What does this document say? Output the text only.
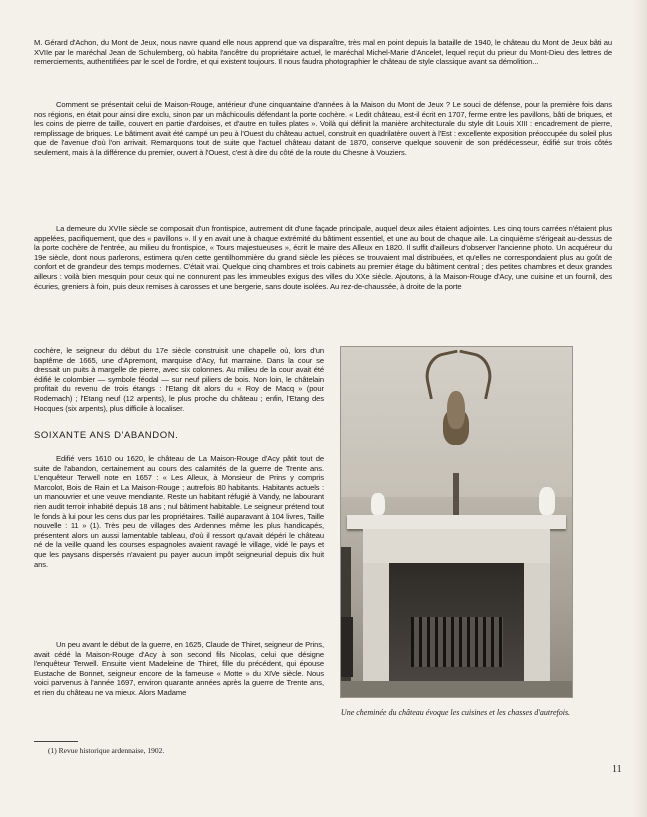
M. Gérard d'Achon, du Mont de Jeux, nous navre quand elle nous apprend que va disparaître, très mal en point depuis la bataille de 1940, le château du Mont de Jeux bâti au XVIIe par le maréchal Jean de Schulemberg, où habita l'ancêtre du propriétaire actuel, le maréchal Michel-Marie d'Ancelet, lequel reçut du prieur du Mont-Dieu des lettres de remerciements, authentifiées par le scel de l'ordre, et qui existent toujours. Il nous faudra photographier le château de style classique avant sa démolition...

Comment se présentait celui de Maison-Rouge, antérieur d'une cinquantaine d'années à la Maison du Mont de Jeux ? Le souci de défense, pour la première fois dans nos régions, en était pour ainsi dire exclu, sinon par un mâchicoulis défendant la porte cochère. « Ledit château, est-il écrit en 1707, ferme entre les pavillons, bâti de briques, et les coins de pierre de taille, couvert en partie d'ardoises, et d'autre en tuiles plates ». Voilà qui définit la manière architecturale du style dit Louis XIII : encadrement de pierre, remplissage de briques. Le bâtiment avait été campé un peu à l'Ouest du château actuel, construit en quadrilatère ouvert à l'Est : excellente exposition préoccupée du soleil plus que de l'avenue d'où l'on arrivait. Remarquons tout de suite que l'actuel château datant de 1870, conserve quelque souvenir de son prédécesseur, édifié sur trois côtés seulement, mais à la différence du premier, ouvert à l'Ouest, c'est à dire du côté de la route du Chesne à Vouziers.

La demeure du XVIIe siècle se composait d'un frontispice, autrement dit d'une façade principale, auquel deux ailes étaient adjointes. Les cinq tours carrées n'étaient plus appelées, pacifiquement, que des « pavillons ». Il y en avait une à chaque extrémité du bâtiment essentiel, et une au bout de chaque aile. La cinquième s'érigeait au-dessus de la porte cochère de l'entrée, au milieu du frontispice, « Tours majestueuses », écrit le maire des Alleux en 1820. Il suffit d'ailleurs d'observer l'ancienne photo. Un acquéreur du 19e siècle, dont nous parlerons, estimera qu'en cette gentilhommière du grand siècle les pièces se trouvaient mal distribuées, et qu'elles ne correspondaient plus au goût de confort et de grandeur des temps modernes. C'était vrai. Quelque cinq chambres et trois cabinets au premier étage du bâtiment central ; des petites chambres et deux grandes ailleurs : voilà bien mesquin pour ceux qui ne connurent pas les immeubles exigus des villes du XXe siècle. Ajoutons, à la Maison-Rouge d'Acy, une cuisine et un fournil, des écuries, greniers à foin, puis deux remises à carosses et une bergerie, sans doute isolées. Au rez-de-chaussée, à droite de la porte

cochère, le seigneur du début du 17e siècle construisit une chapelle où, lors d'un baptême de 1665, une d'Apremont, marquise d'Acy, fut marraine. Dans la cour se dressait un puits à margelle de pierre, avec six colonnes. Au milieu de la cour avait été édifié le colombier — symbole féodal — sur neuf piliers de bois. Non loin, le châtelain profitait du revenu de trois étangs : l'Etang dit alors du « Roy de Macq » (pour Rodemach) ; l'Etang neuf (12 arpents), le plus proche du château ; enfin, l'Etang des Hocques (six arpents), plus difficile à localiser.

SOIXANTE ANS D'ABANDON.

Edifié vers 1610 ou 1620, le château de La Maison-Rouge d'Acy pâtit tout de suite de l'abandon, certainement au cours des calamités de la guerre de Trente ans. L'enquêteur Terwell note en 1657 : « Les Alleux, à Monsieur de Prins y compris Marcolot, Bois de Rain et La Maison-Rouge ; autrefois 80 habitants. Habitants actuels : un manouvrier et une veuve mendiante. Reste un habitant réfugié à Vandy, ne labourant rien audit terroir inhabité depuis 18 ans ; nul bâtiment habitable. Le seigneur prétend tout le fonds à lui pour les cens dus par les propriétaires. Taillé auparavant à 104 livres, Taille nouvelle : 11 » (1). Très peu de villages des Ardennes même les plus handicapés, présentent alors un aussi lamentable tableau, d'où il ressort qu'avait dépéri le château né de la veille quand les courses espagnoles avaient ravagé le village, vidé le pays et que les paysans dispersés n'avaient pu payer aucun impôt seigneurial depuis dix huit ans.

Un peu avant le début de la guerre, en 1625, Claude de Thiret, seigneur de Prins, avait cédé la Maison-Rouge d'Acy à son second fils Nicolas, celui que désigne l'enquêteur Terwell. Ensuite vient Madeleine de Thiret, fille du précédent, qui épouse Eustache de Bonnet, seigneur encore de la fameuse « Motte » du XIVe siècle. Nous voici parvenus à l'année 1697, environ quarante années après la guerre de Trente ans, et rien du château ne va mieux. Alors Madame

Une cheminée du château évoque les cuisines et les chasses d'autrefois.
(1) Revue historique ardennaise, 1902.
11
